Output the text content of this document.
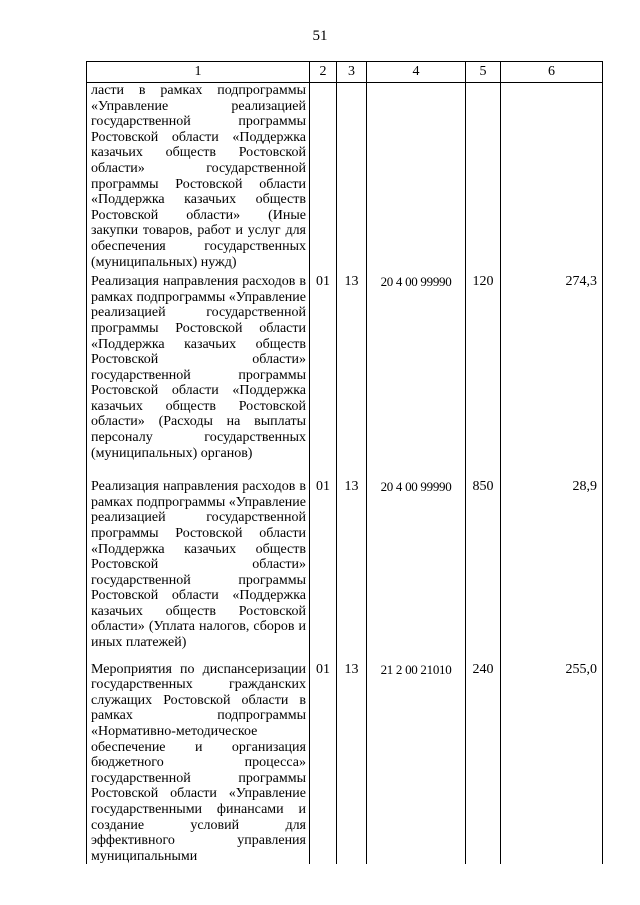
51
1	2	3	4	5	6
ласти в рамках подпрограммы «Управление реализацией государственной программы Ростовской области «Поддержка казачьих обществ Ростовской области» государственной программы Ростовской области «Поддержка казачьих обществ Ростовской области» (Иные закупки товаров, работ и услуг для обеспечения государственных (муниципальных) нужд)					
Реализация направления расходов в рамках подпрограммы «Управление реализацией государственной программы Ростовской области «Поддержка казачьих обществ Ростовской области» государственной программы Ростовской области «Поддержка казачьих обществ Ростовской области» (Расходы на выплаты персоналу государственных (муниципальных) органов)	01	13	20 4 00 99990	120	274,3
Реализация направления расходов в рамках подпрограммы «Управление реализацией государственной программы Ростовской области «Поддержка казачьих обществ Ростовской области» государственной программы Ростовской области «Поддержка казачьих обществ Ростовской области» (Уплата налогов, сборов и иных платежей)	01	13	20 4 00 99990	850	28,9
Мероприятия по диспансеризации государственных гражданских служащих Ростовской области в рамках подпрограммы «Нормативно-методическое обеспечение и организация бюджетного процесса» государственной программы Ростовской области «Управление государственными финансами и создание условий для эффективного управления муниципальными	01	13	21 2 00 21010	240	255,0
